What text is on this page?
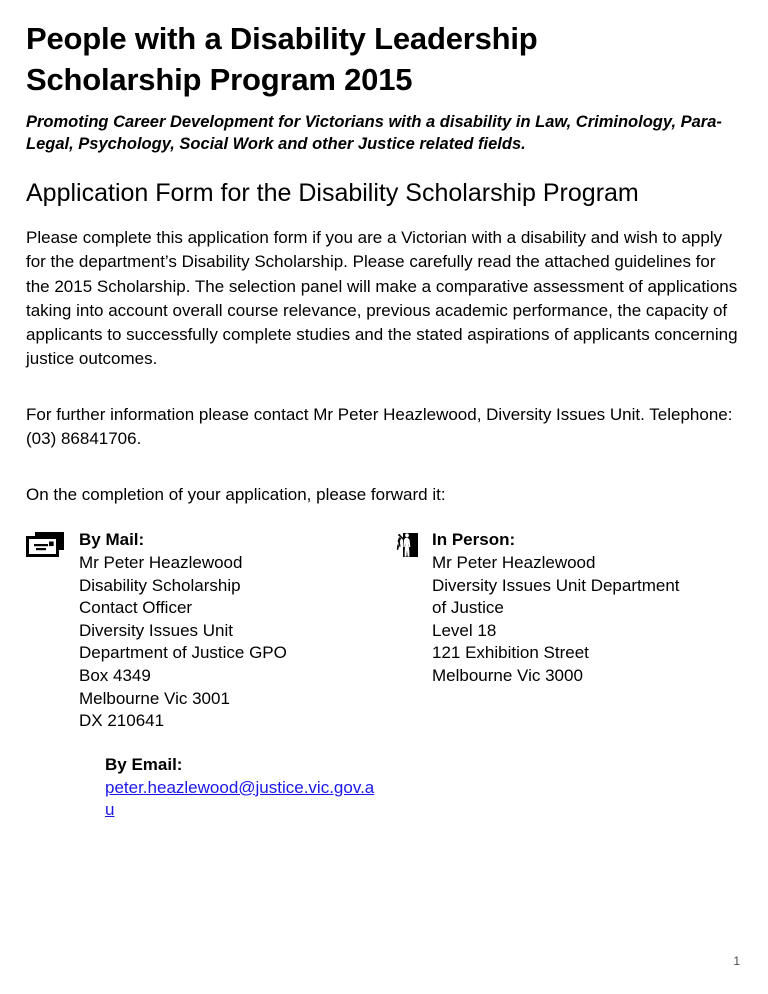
People with a Disability Leadership Scholarship Program 2015

Promoting Career Development for Victorians with a disability in Law, Criminology, Para-Legal, Psychology, Social Work and other Justice related fields.

Application Form for the Disability Scholarship Program

Please complete this application form if you are a Victorian with a disability and wish to apply for the department’s Disability Scholarship. Please carefully read the attached guidelines for the 2015 Scholarship. The selection panel will make a comparative assessment of applications taking into account overall course relevance, previous academic performance, the capacity of applicants to successfully complete studies and the stated aspirations of applicants concerning justice outcomes.

For further information please contact Mr Peter Heazlewood, Diversity Issues Unit. Telephone: (03) 86841706.

On the completion of your application, please forward it:

By Mail:
Mr Peter Heazlewood
Disability Scholarship
Contact Officer
Diversity Issues Unit
Department of Justice GPO
Box 4349
Melbourne Vic 3001
DX 210641
In Person:
Mr Peter Heazlewood
Diversity Issues Unit Department
of Justice
Level 18
121 Exhibition Street
Melbourne Vic 3000
By Email:
peter.heazlewood@justice.vic.gov.au
1
